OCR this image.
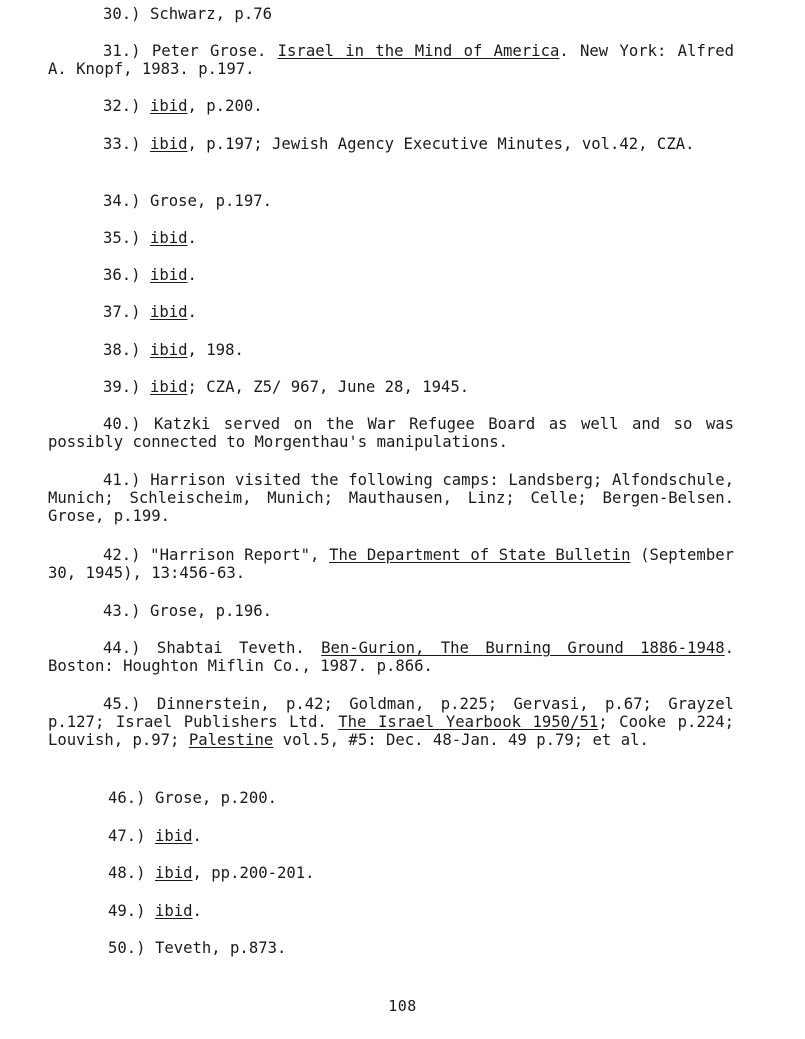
30.) Schwarz, p.76

31.) Peter Grose. Israel in the Mind of America. New York: Alfred A. Knopf, 1983. p.197.

32.) ibid, p.200.

33.) ibid, p.197; Jewish Agency Executive Minutes, vol.42, CZA.

34.) Grose, p.197.

35.) ibid.

36.) ibid.

37.) ibid.

38.) ibid, 198.

39.) ibid; CZA, Z5/ 967, June 28, 1945.

40.) Katzki served on the War Refugee Board as well and so was possibly connected to Morgenthau's manipulations.

41.) Harrison visited the following camps: Landsberg; Alfondschule, Munich; Schleischeim, Munich; Mauthausen, Linz; Celle; Bergen-Belsen. Grose, p.199.

42.) "Harrison Report", The Department of State Bulletin (September 30, 1945), 13:456-63.

43.) Grose, p.196.

44.) Shabtai Teveth. Ben-Gurion, The Burning Ground 1886-1948. Boston: Houghton Miflin Co., 1987. p.866.

45.) Dinnerstein, p.42; Goldman, p.225; Gervasi, p.67; Grayzel p.127; Israel Publishers Ltd. The Israel Yearbook 1950/51; Cooke p.224; Louvish, p.97; Palestine vol.5, #5: Dec. 48-Jan. 49 p.79; et al.

46.) Grose, p.200.

47.) ibid.

48.) ibid, pp.200-201.

49.) ibid.

50.) Teveth, p.873.

108
